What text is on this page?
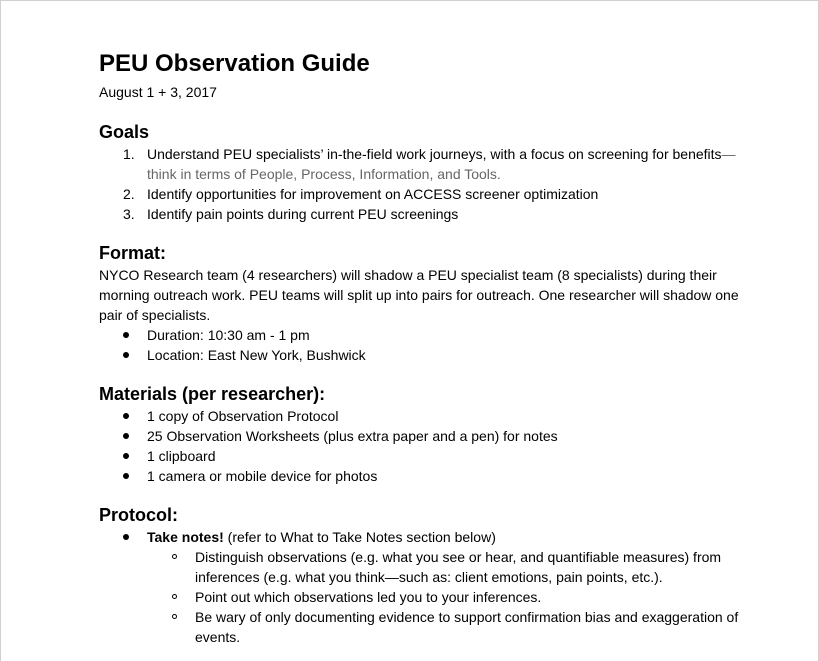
PEU Observation Guide
August 1 + 3, 2017
Goals
1. Understand PEU specialists’ in-the-field work journeys, with a focus on screening for benefits—think in terms of People, Process, Information, and Tools.
2. Identify opportunities for improvement on ACCESS screener optimization
3. Identify pain points during current PEU screenings
Format:

NYCO Research team (4 researchers) will shadow a PEU specialist team (8 specialists) during their morning outreach work. PEU teams will split up into pairs for outreach. One researcher will shadow one pair of specialists.

Duration: 10:30 am - 1 pm
Location: East New York, Bushwick
Materials (per researcher):
1 copy of Observation Protocol
25 Observation Worksheets (plus extra paper and a pen) for notes
1 clipboard
1 camera or mobile device for photos
Protocol:
Take notes! (refer to What to Take Notes section below)
Distinguish observations (e.g. what you see or hear, and quantifiable measures) from inferences (e.g. what you think—such as: client emotions, pain points, etc.).
Point out which observations led you to your inferences.
Be wary of only documenting evidence to support confirmation bias and exaggeration of events.
